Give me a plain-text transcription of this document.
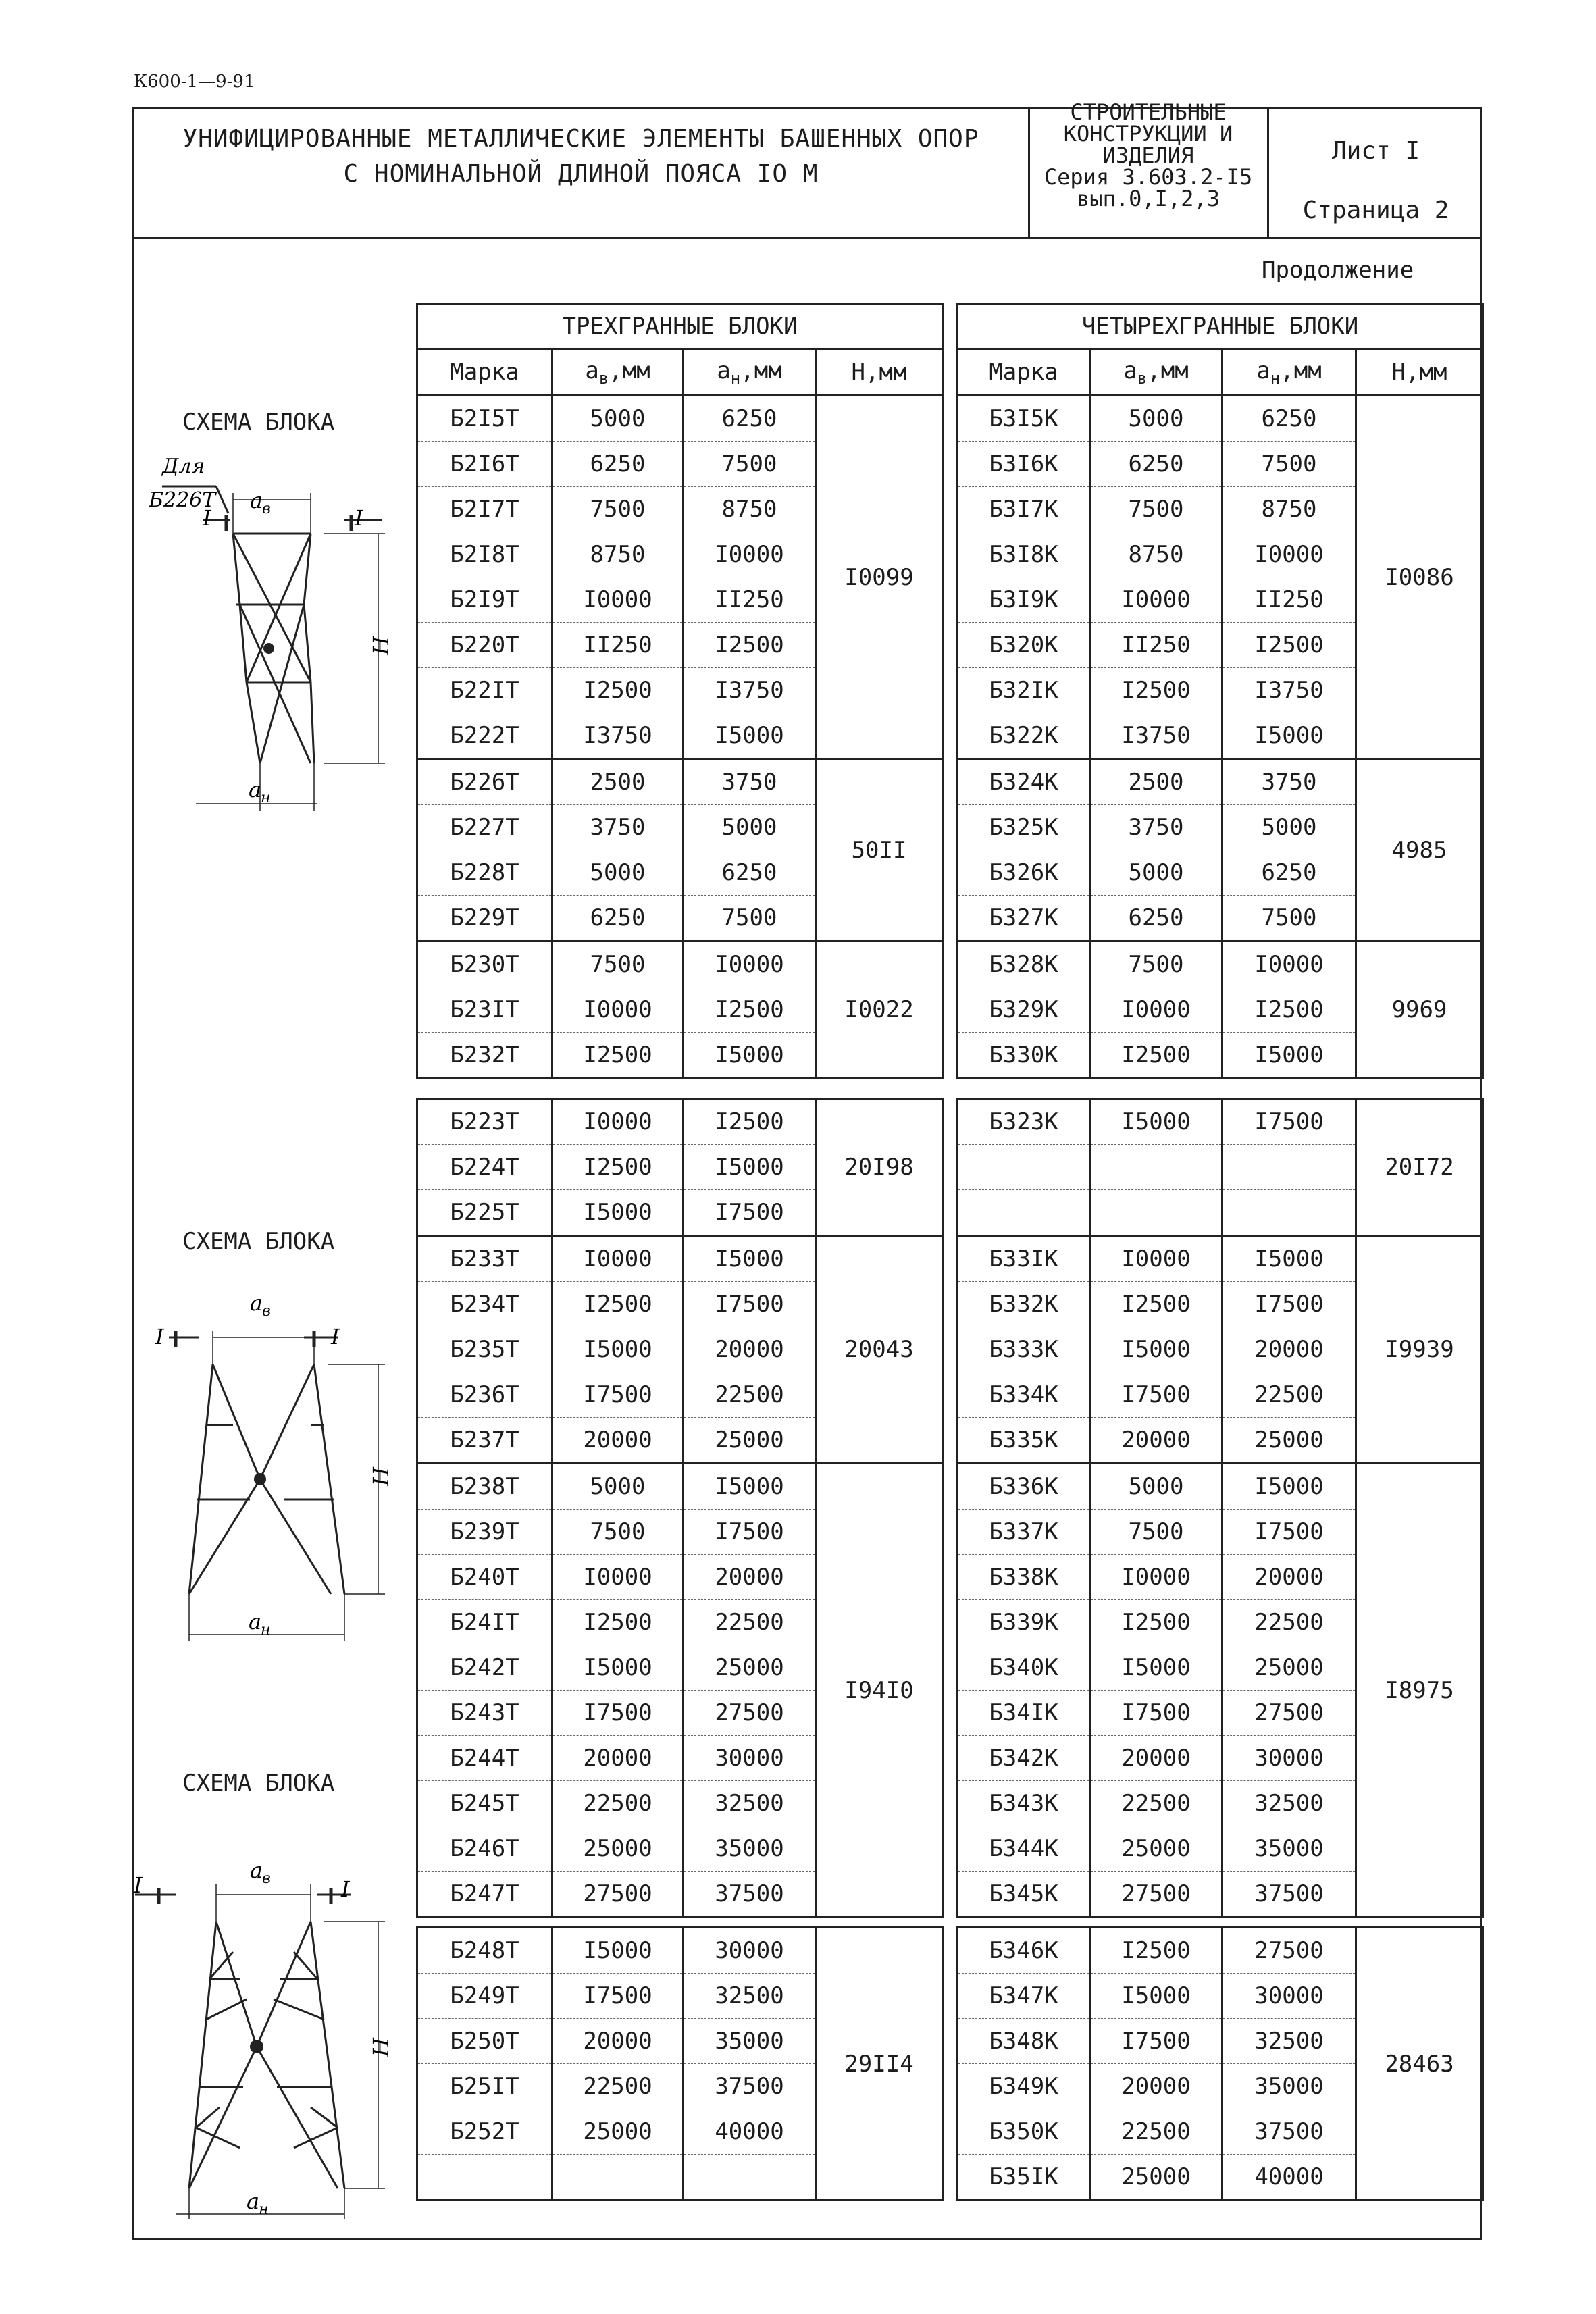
К600-1—9-91
УНИФИЦИРОВАННЫЕ МЕТАЛЛИЧЕСКИЕ ЭЛЕМЕНТЫ БАШЕННЫХ ОПОР
С НОМИНАЛЬНОЙ ДЛИНОЙ ПОЯСА IO M
СТРОИТЕЛЬНЫЕ
КОНСТРУКЦИИ И
ИЗДЕЛИЯ
Серия 3.603.2-I5
вып.0,I,2,3
Лист I
Страница 2
Продолжение
СХЕМА БЛОКА
СХЕМА БЛОКА
СХЕМА БЛОКА
Для
Б226Т a
в
I	I
H
a
н
a
в
I	I
H
a
н
a
в
I	I
H
a
н
ТРЕХГРАННЫЕ БЛОКИ			
Марка	$a_в,мм$	$a_н,мм$	H,мм
Б2I5Т	5000	6250	I0099
Б2I6Т	6250	7500	
Б2I7Т	7500	8750	
Б2I8Т	8750	I0000	
Б2I9Т	I0000	II250	
Б220Т	II250	I2500	
Б22IТ	I2500	I3750	
Б222Т	I3750	I5000	
Б226Т	2500	3750	50II
Б227Т	3750	5000	
Б228Т	5000	6250	
Б229Т	6250	7500	
Б230Т	7500	I0000	I0022
Б23IТ	I0000	I2500	
Б232Т	I2500	I5000	
Б223Т	I0000	I2500	20I98
Б224Т	I2500	I5000	
Б225Т	I5000	I7500	
Б233Т	I0000	I5000	20043
Б234Т	I2500	I7500	
Б235Т	I5000	20000	
Б236Т	I7500	22500	
Б237Т	20000	25000	
Б238Т	5000	I5000	I94I0
Б239Т	7500	I7500	
Б240Т	I0000	20000	
Б24IТ	I2500	22500	
Б242Т	I5000	25000	
Б243Т	I7500	27500	
Б244Т	20000	30000	
Б245Т	22500	32500	
Б246Т	25000	35000	
Б247Т	27500	37500	
Б248Т	I5000	30000	29II4
Б249Т	I7500	32500	
Б250Т	20000	35000	
Б25IТ	22500	37500	
Б252Т	25000	40000	

ЧЕТЫРЕХГРАННЫЕ БЛОКИ			
Марка	$a_в,мм$	$a_н,мм$	H,мм
Б3I5К	5000	6250	I0086
Б3I6К	6250	7500	
Б3I7К	7500	8750	
Б3I8К	8750	I0000	
Б3I9К	I0000	II250	
Б320К	II250	I2500	
Б32IК	I2500	I3750	
Б322К	I3750	I5000	
Б324К	2500	3750	4985
Б325К	3750	5000	
Б326К	5000	6250	
Б327К	6250	7500	
Б328К	7500	I0000	9969
Б329К	I0000	I2500	
Б330К	I2500	I5000	
Б323К	I5000	I7500	20I72

Б33IК	I0000	I5000	I9939
Б332К	I2500	I7500	
Б333К	I5000	20000	
Б334К	I7500	22500	
Б335К	20000	25000	
Б336К	5000	I5000	I8975
Б337К	7500	I7500	
Б338К	I0000	20000	
Б339К	I2500	22500	
Б340К	I5000	25000	
Б34IК	I7500	27500	
Б342К	20000	30000	
Б343К	22500	32500	
Б344К	25000	35000	
Б345К	27500	37500	
Б346К	I2500	27500	28463
Б347К	I5000	30000	
Б348К	I7500	32500	
Б349К	20000	35000	
Б350К	22500	37500	
Б35IК	25000	40000	
